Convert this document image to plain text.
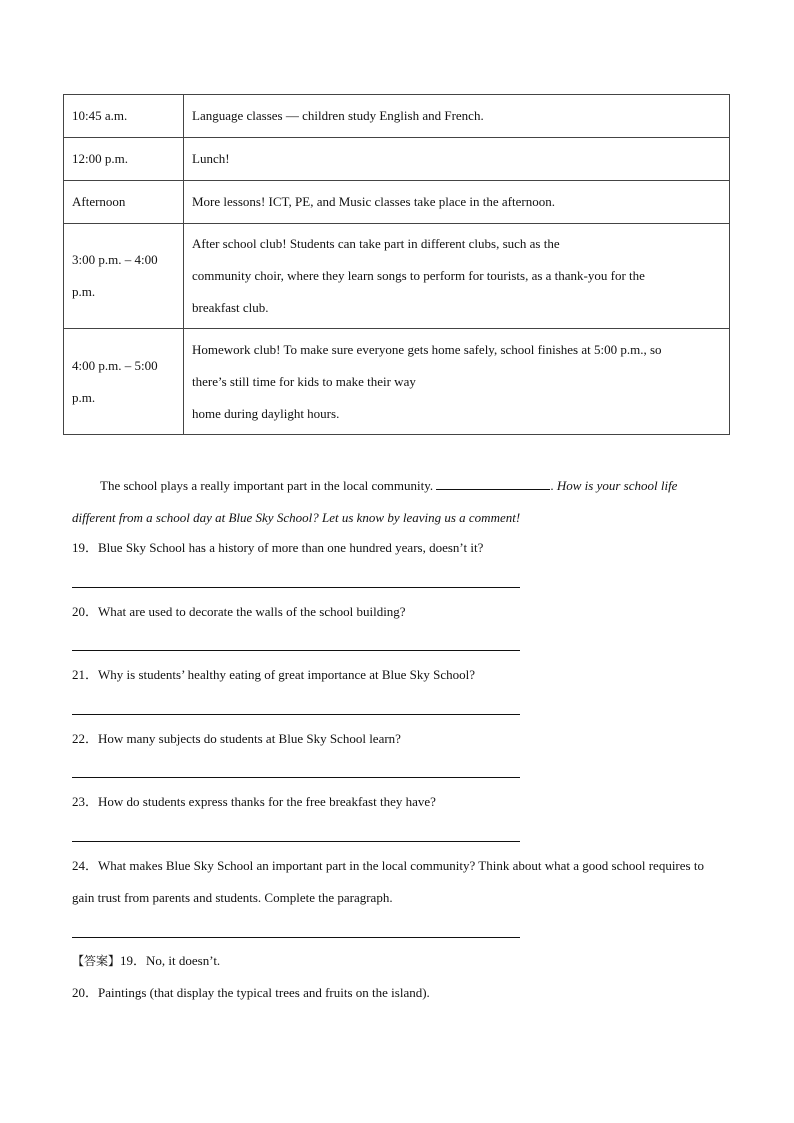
10:45 a.m.	Language classes — children study English and French.

12:00 p.m.	Lunch!

Afternoon	More lessons! ICT, PE, and Music classes take place in the afternoon.

3:00 p.m. – 4:00
p.m.	After school club! Students can take part in different clubs, such as the
community choir, where they learn songs to perform for tourists, as a thank-you for the
breakfast club.

4:00 p.m. – 5:00
p.m.	Homework club! To make sure everyone gets home safely, school finishes at 5:00 p.m., so
there’s still time for kids to make their way
home during daylight hours.
The school plays a really important part in the local community.	. How is your school life different from a school day at Blue Sky School? Let us know by leaving us a comment!
19．Blue Sky School has a history of more than one hundred years, doesn’t it?
20．What are used to decorate the walls of the school building?
21．Why is students’ healthy eating of great importance at Blue Sky School?
22．How many subjects do students at Blue Sky School learn?
23．How do students express thanks for the free breakfast they have?
24．What makes Blue Sky School an important part in the local community? Think about what a good school requires to gain trust from parents and students. Complete the paragraph.
【答案】19．No, it doesn’t.
20．Paintings (that display the typical trees and fruits on the island).
